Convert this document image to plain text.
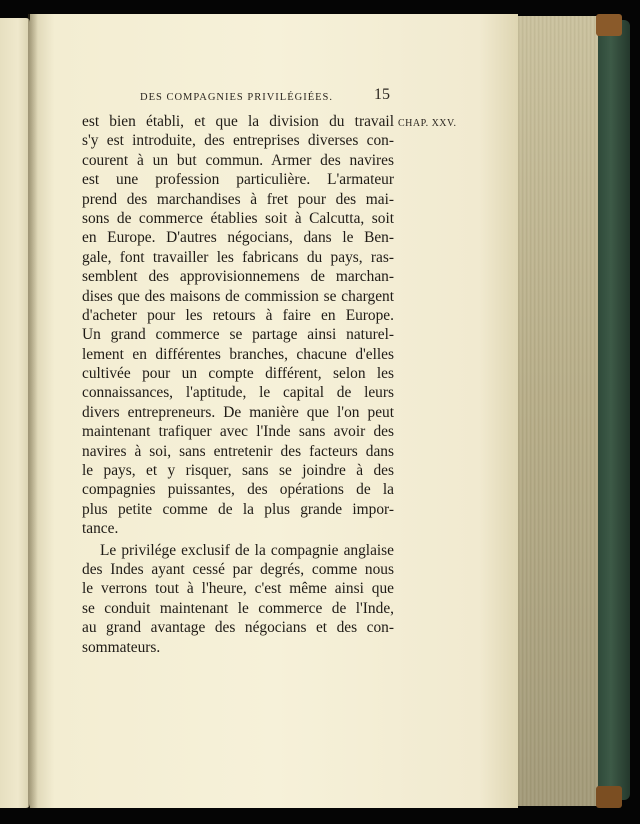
DES COMPAGNIES PRIVILÉGIÉES.	15
CHAP. XXV.
est bien établi, et que la division du travail
s'y est introduite, des entreprises diverses con-
courent à un but commun. Armer des navires
est une profession particulière. L'armateur
prend des marchandises à fret pour des mai-
sons de commerce établies soit à Calcutta, soit
en Europe. D'autres négocians, dans le Ben-
gale, font travailler les fabricans du pays, ras-
semblent des approvisionnemens de marchan-
dises que des maisons de commission se chargent
d'acheter pour les retours à faire en Europe.
Un grand commerce se partage ainsi naturel-
lement en différentes branches, chacune d'elles
cultivée pour un compte différent, selon les
connaissances, l'aptitude, le capital de leurs
divers entrepreneurs. De manière que l'on peut
maintenant trafiquer avec l'Inde sans avoir des
navires à soi, sans entretenir des facteurs dans
le pays, et y risquer, sans se joindre à des
compagnies puissantes, des opérations de la
plus petite comme de la plus grande impor-
tance.
Le privilége exclusif de la compagnie anglaise
des Indes ayant cessé par degrés, comme nous
le verrons tout à l'heure, c'est même ainsi que
se conduit maintenant le commerce de l'Inde,
au grand avantage des négocians et des con-
sommateurs.
